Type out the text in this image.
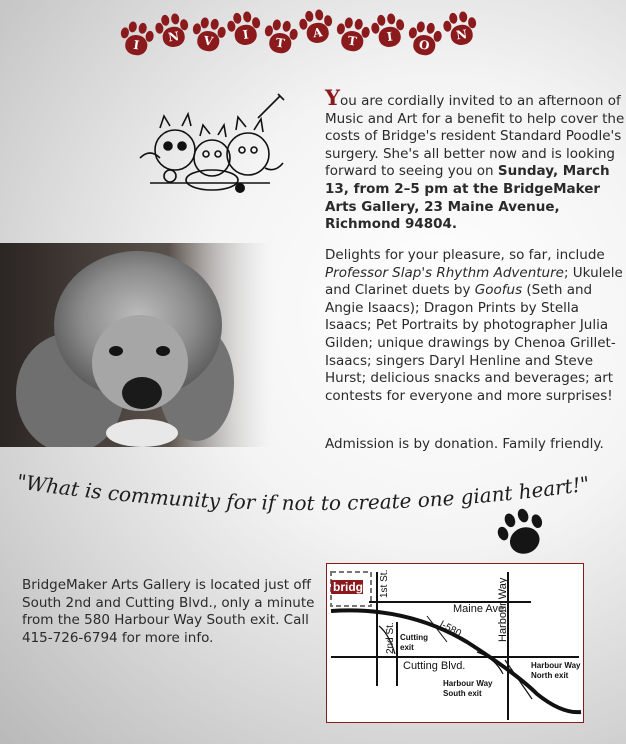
I
N	V	I
T
A
T	I
O
N

You are cordially invited to an afternoon of Music and Art for a benefit to help cover the costs of Bridge's resident Standard Poodle's surgery. She's all better now and is looking forward to seeing you on Sunday, March 13, from 2–5 pm at the BridgeMaker Arts Gallery, 23 Maine Avenue, Richmond 94804.

Delights for your pleasure, so far, include Professor Slap's Rhythm Adventure; Ukulele and Clarinet duets by Goofus (Seth and Angie Isaacs); Dragon Prints by Stella Isaacs; Pet Portraits by photographer Julia Gilden; unique drawings by Chenoa Grillet-Isaacs; singers Daryl Henline and Steve Hurst; delicious snacks and beverages; art contests for everyone and more surprises!

Admission is by donation. Family friendly.

"What is community for if not to create one giant heart!"

BridgeMaker Arts Gallery is located just off South 2nd and Cutting Blvd., only a minute from the 580 Harbour Way South exit. Call 415-726-6794 for more info.

bridge 1st St.
Maine Ave.
Harbour Way
2nd St.
Cutting Blvd.
I-580
Cutting
exit
Harbour Way
South exit
Harbour Way
North exit
